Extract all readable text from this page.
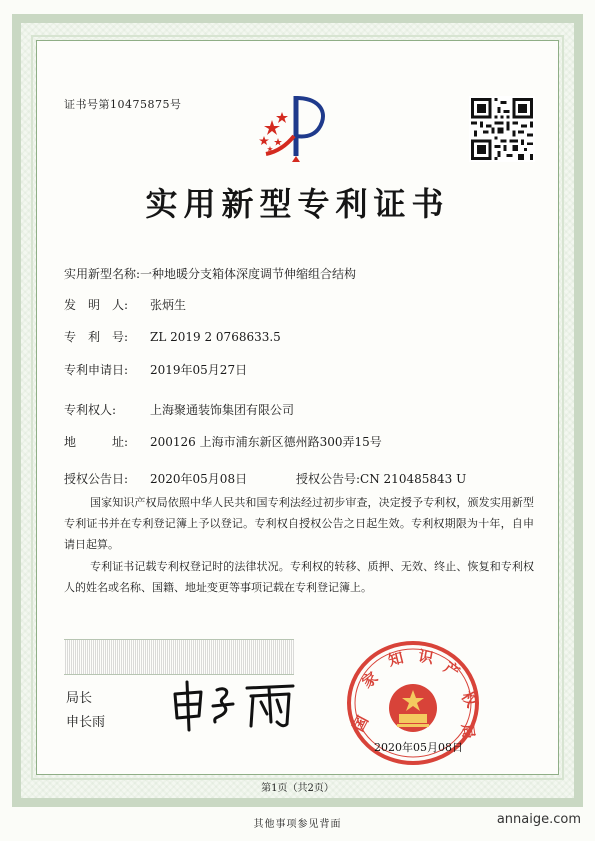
证书号第10475875号
实用新型专利证书
实用新型名称:一种地暖分支箱体深度调节伸缩组合结构
发　明　人: 张炳生
专　利　号: ZL 2019 2 0768633.5
专利申请日: 2019年05月27日
专利权人:	上海聚通装饰集团有限公司
地　　　址: 200126 上海市浦东新区德州路300弄15号
授权公告日: 2020年05月08日	授权公告号:CN 210485843 U
国家知识产权局依照中华人民共和国专利法经过初步审查，决定授予专利权，颁发实用新型专利证书并在专利登记簿上予以登记。专利权自授权公告之日起生效。专利权期限为十年，自申请日起算。
专利证书记载专利权登记时的法律状况。专利权的转移、质押、无效、终止、恢复和专利权人的姓名或名称、国籍、地址变更等事项记载在专利登记簿上。
局长
申长雨	国
家
知 识
产
权
局
2020年05月08日
第1页（共2页）
其他事项参见背面	annaige.com
